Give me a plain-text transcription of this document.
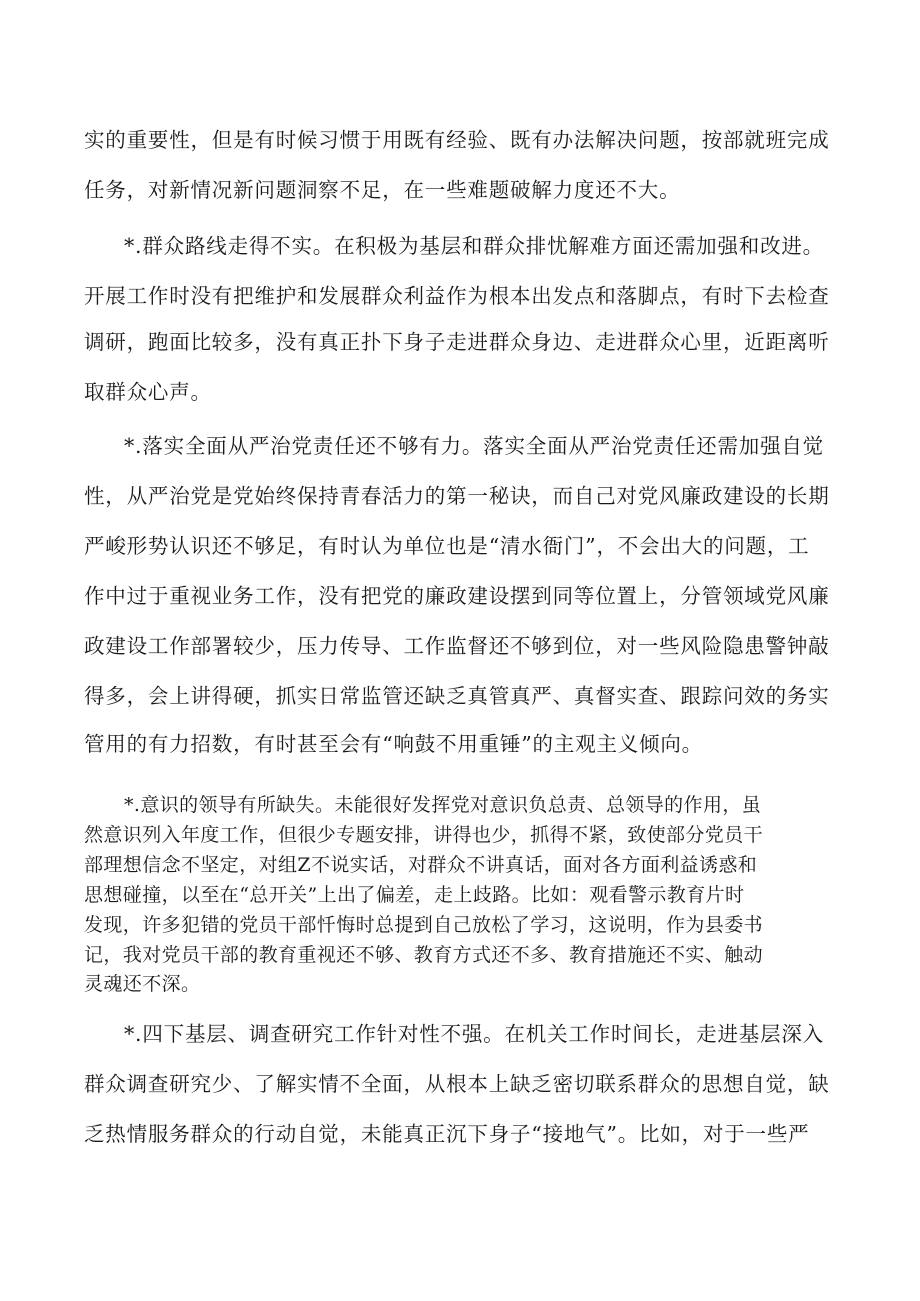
实的重要性，但是有时候习惯于用既有经验、既有办法解决问题，按部就班完成
任务，对新情况新问题洞察不足，在一些难题破解力度还不大。
*.群众路线走得不实。在积极为基层和群众排忧解难方面还需加强和改进。
开展工作时没有把维护和发展群众利益作为根本出发点和落脚点，有时下去检查
调研，跑面比较多，没有真正扑下身子走进群众身边、走进群众心里，近距离听
取群众心声。
*.落实全面从严治党责任还不够有力。落实全面从严治党责任还需加强自觉
性，从严治党是党始终保持青春活力的第一秘诀，而自己对党风廉政建设的长期
严峻形势认识还不够足，有时认为单位也是“清水衙门”，不会出大的问题，工
作中过于重视业务工作，没有把党的廉政建设摆到同等位置上，分管领域党风廉
政建设工作部署较少，压力传导、工作监督还不够到位，对一些风险隐患警钟敲
得多，会上讲得硬，抓实日常监管还缺乏真管真严、真督实查、跟踪问效的务实
管用的有力招数，有时甚至会有“响鼓不用重锤”的主观主义倾向。
*.意识的领导有所缺失。未能很好发挥党对意识负总责、总领导的作用，虽
然意识列入年度工作，但很少专题安排，讲得也少，抓得不紧，致使部分党员干
部理想信念不坚定，对组Z不说实话，对群众不讲真话，面对各方面利益诱惑和
思想碰撞，以至在“总开关”上出了偏差，走上歧路。比如：观看警示教育片时
发现，许多犯错的党员干部忏悔时总提到自己放松了学习，这说明，作为县委书
记，我对党员干部的教育重视还不够、教育方式还不多、教育措施还不实、触动
灵魂还不深。
*.四下基层、调查研究工作针对性不强。在机关工作时间长，走进基层深入
群众调查研究少、了解实情不全面，从根本上缺乏密切联系群众的思想自觉，缺
乏热情服务群众的行动自觉，未能真正沉下身子“接地气”。比如，对于一些严
